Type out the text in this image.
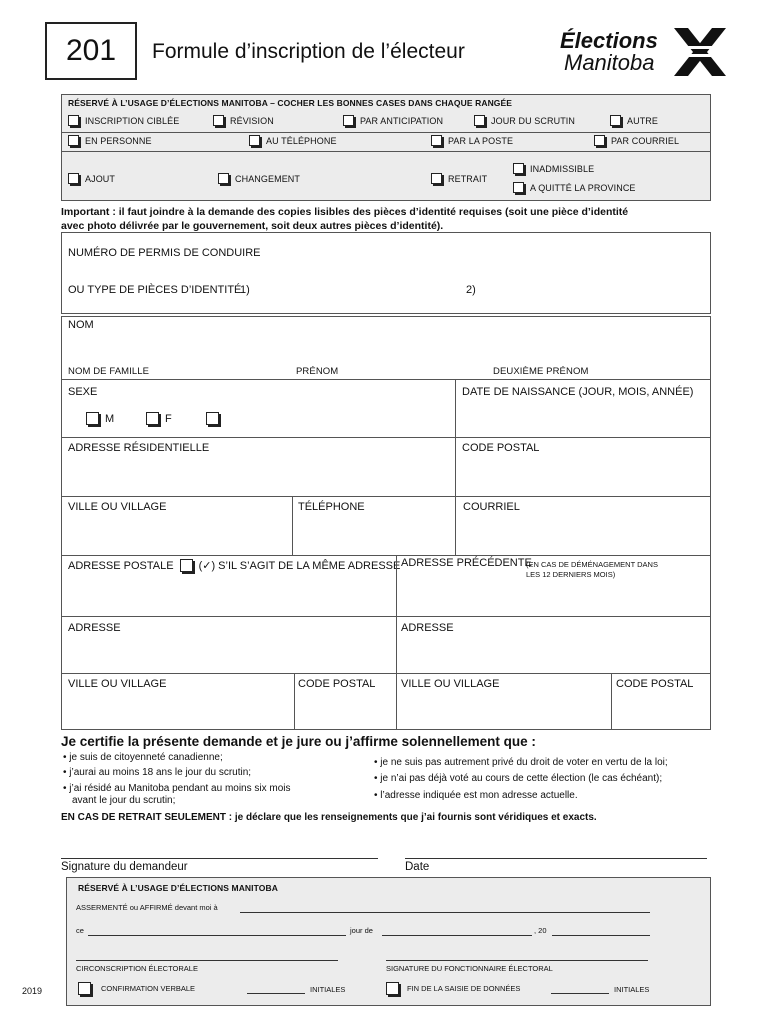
201	Formule d’inscription de l’électeur	Élections
Manitoba
RÉSERVÉ À L’USAGE D’ÉLECTIONS MANITOBA – COCHER LES BONNES CASES DANS CHAQUE RANGÉE
INSCRIPTION CIBLÉE	RÉVISION	PAR ANTICIPATION	JOUR DU SCRUTIN	AUTRE
EN PERSONNE	AU TÉLÉPHONE	PAR LA POSTE	PAR COURRIEL
AJOUT	CHANGEMENT	RETRAIT
INADMISSIBLE
A QUITTÉ LA PROVINCE
Important : il faut joindre à la demande des copies lisibles des pièces d’identité requises (soit une pièce d’identité
avec photo délivrée par le gouvernement, soit deux autres pièces d’identité).
NUMÉRO DE PERMIS DE CONDUIRE
OU TYPE DE PIÈCES D’IDENTITÉ
1)	2)
NOM
NOM DE FAMILLE	PRÉNOM	DEUXIÈME PRÉNOM
SEXE
M	F
DATE DE NAISSANCE (JOUR, MOIS, ANNÉE)
ADRESSE RÉSIDENTIELLE	CODE POSTAL
VILLE OU VILLAGE	TÉLÉPHONE	COURRIEL
ADRESSE POSTALE (✓) S’IL S’AGIT DE LA MÊME ADRESSE ADRESSE PRÉCÉDENTE
(EN CAS DE DÉMÉNAGEMENT DANS
LES 12 DERNIERS MOIS)
ADRESSE	ADRESSE
VILLE OU VILLAGE	CODE POSTAL VILLE OU VILLAGE	CODE POSTAL
Je certifie la présente demande et je jure ou j’affirme solennellement que :
• je suis de citoyenneté canadienne;
• j’aurai au moins 18 ans le jour du scrutin;
• j’ai résidé au Manitoba pendant au moins six mois
avant le jour du scrutin;
• je ne suis pas autrement privé du droit de voter en vertu de la loi;
• je n’ai pas déjà voté au cours de cette élection (le cas échéant);
• l’adresse indiquée est mon adresse actuelle.
EN CAS DE RETRAIT SEULEMENT : je déclare que les renseignements que j’ai fournis sont véridiques et exacts.
Signature du demandeur	Date
RÉSERVÉ À L’USAGE D’ÉLECTIONS MANITOBA
ASSERMENTÉ ou AFFIRMÉ devant moi à
ce	jour de	, 20
CIRCONSCRIPTION ÉLECTORALE	SIGNATURE DU FONCTIONNAIRE ÉLECTORAL
CONFIRMATION VERBALE	INITIALES	FIN DE LA SAISIE DE DONNÉES	INITIALES
2019
